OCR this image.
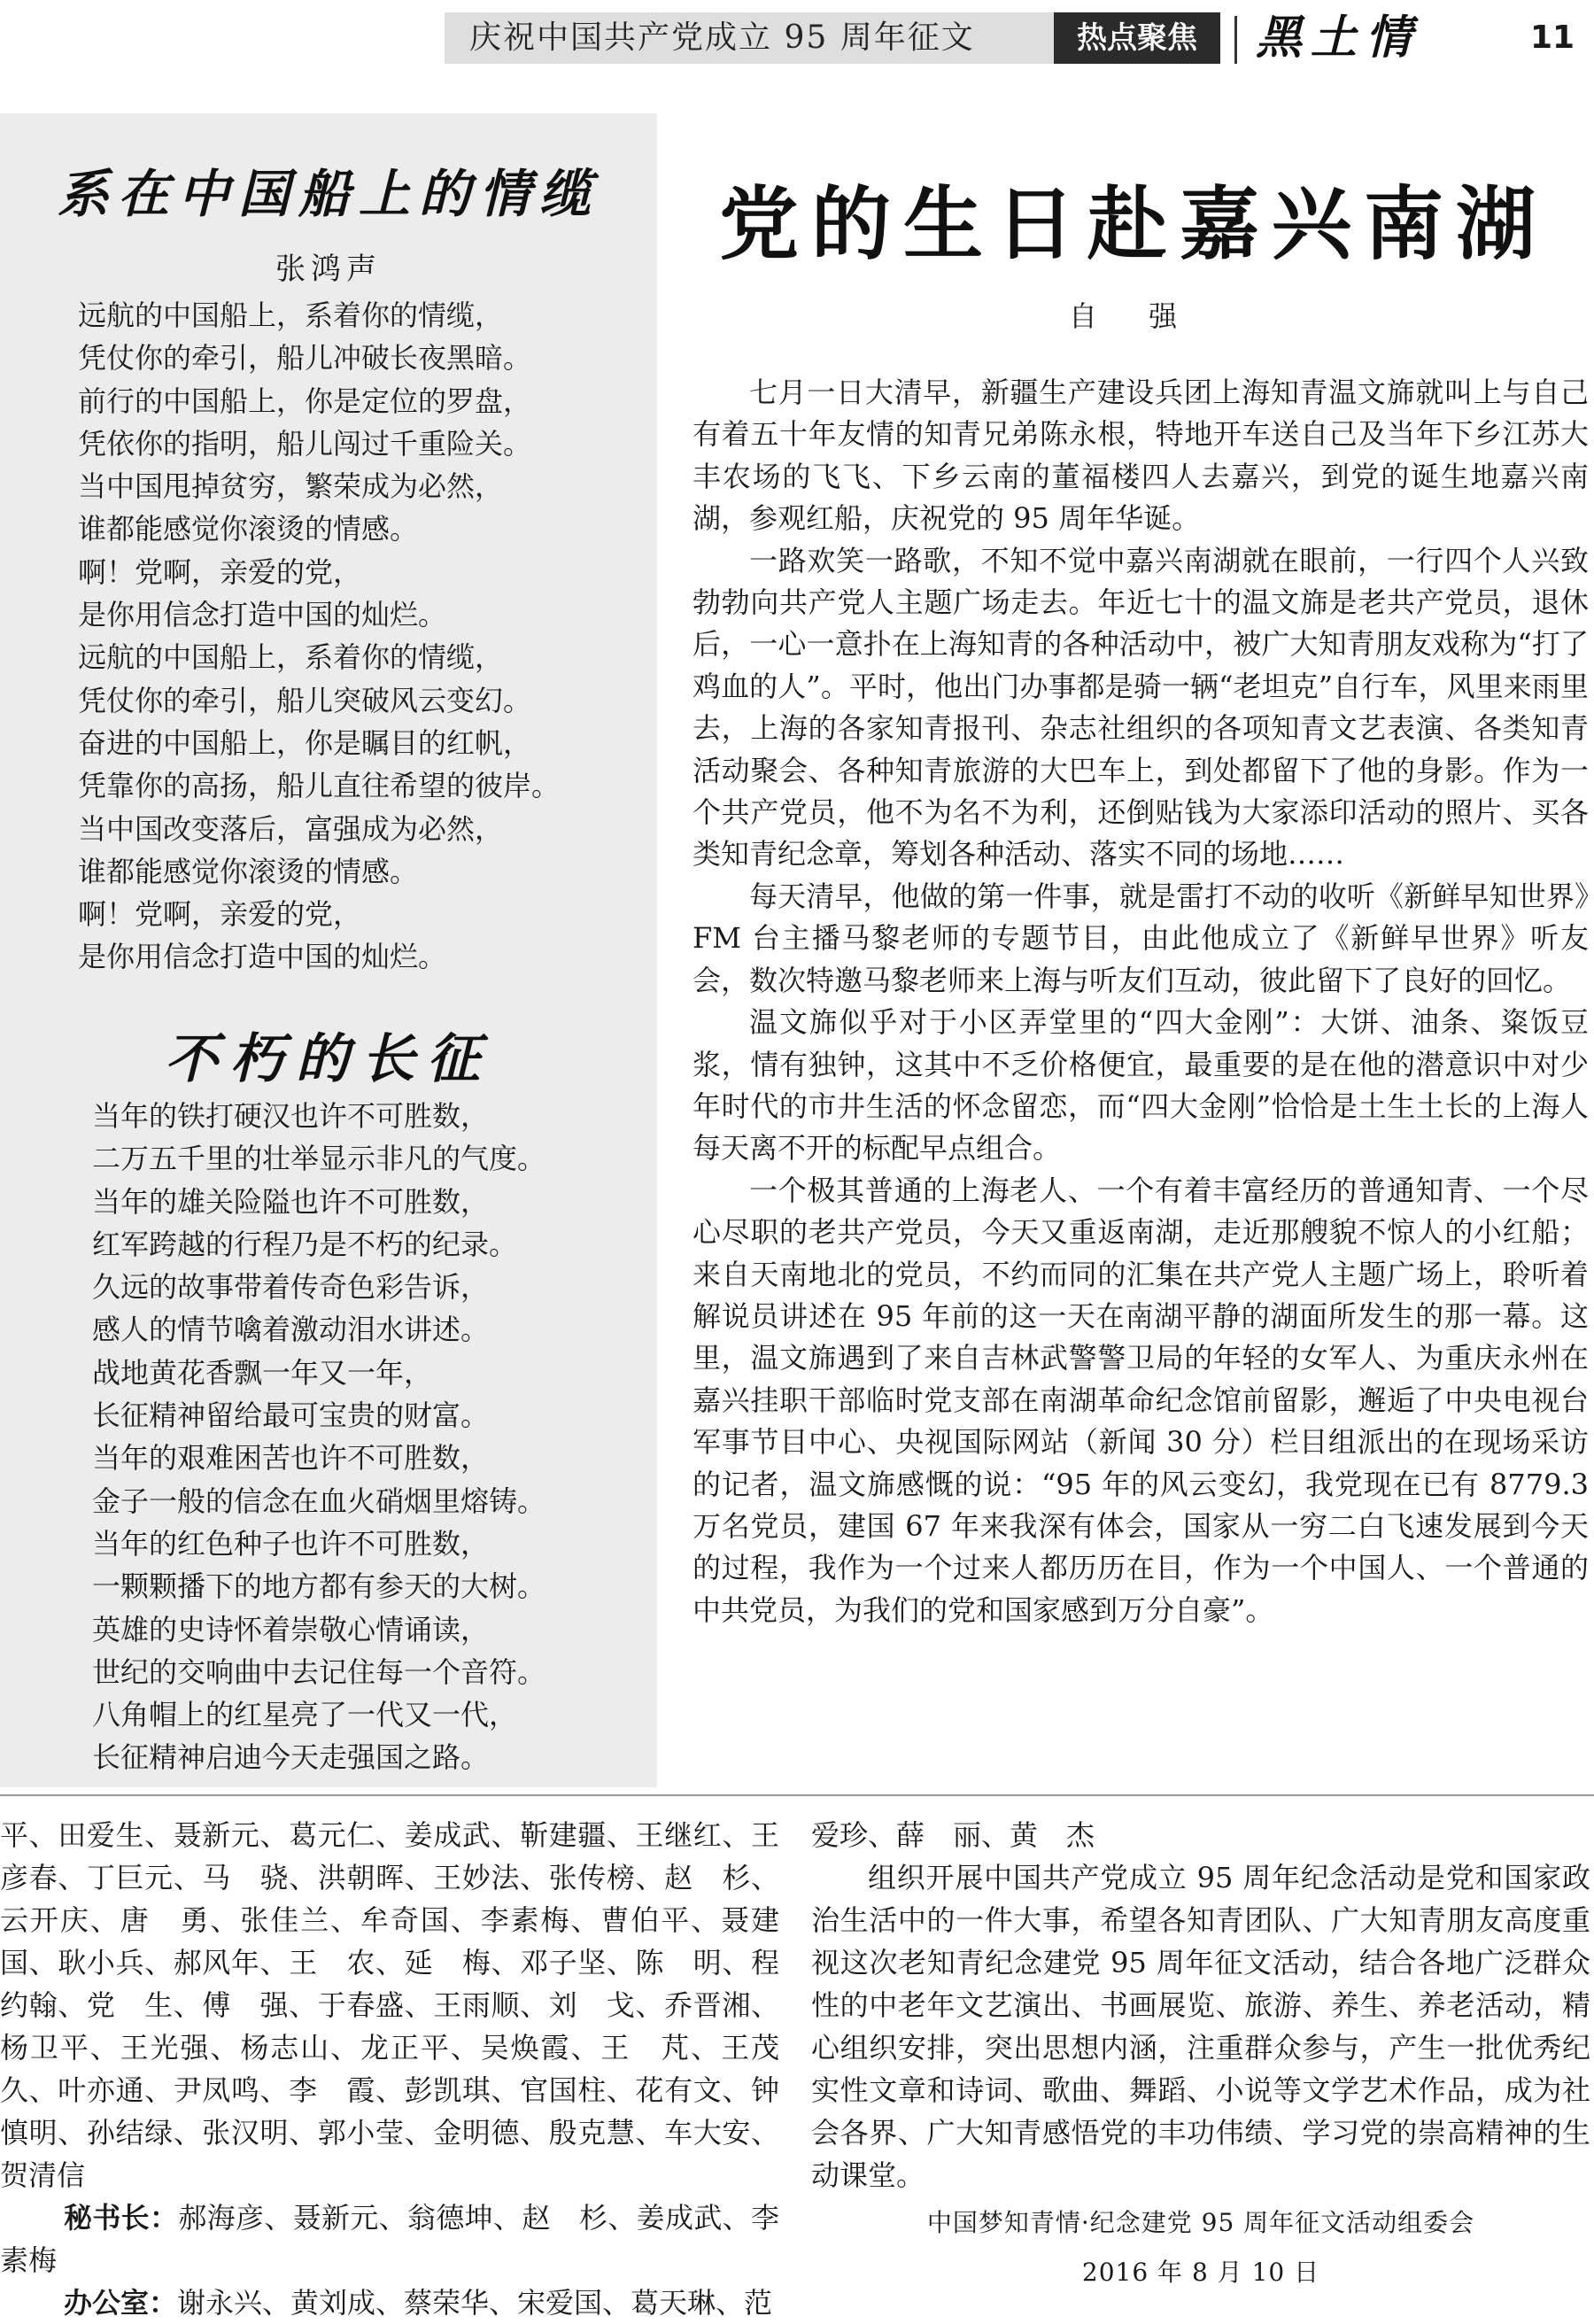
庆祝中国共产党成立 95 周年征文	热点聚焦	黑土情	11
系在中国船上的情缆
张鸿声
远航的中国船上，系着你的情缆，
凭仗你的牵引，船儿冲破长夜黑暗。
前行的中国船上，你是定位的罗盘，
凭依你的指明，船儿闯过千重险关。
当中国甩掉贫穷，繁荣成为必然，
谁都能感觉你滚烫的情感。
啊！党啊，亲爱的党，
是你用信念打造中国的灿烂。
远航的中国船上，系着你的情缆，
凭仗你的牵引，船儿突破风云变幻。
奋进的中国船上，你是瞩目的红帆，
凭靠你的高扬，船儿直往希望的彼岸。
当中国改变落后，富强成为必然，
谁都能感觉你滚烫的情感。
啊！党啊，亲爱的党，
是你用信念打造中国的灿烂。
不朽的长征
当年的铁打硬汉也许不可胜数，
二万五千里的壮举显示非凡的气度。
当年的雄关险隘也许不可胜数，
红军跨越的行程乃是不朽的纪录。
久远的故事带着传奇色彩告诉，
感人的情节噙着激动泪水讲述。
战地黄花香飘一年又一年，
长征精神留给最可宝贵的财富。
当年的艰难困苦也许不可胜数，
金子一般的信念在血火硝烟里熔铸。
当年的红色种子也许不可胜数，
一颗颗播下的地方都有参天的大树。
英雄的史诗怀着崇敬心情诵读，
世纪的交响曲中去记住每一个音符。
八角帽上的红星亮了一代又一代，
长征精神启迪今天走强国之路。
党的生日赴嘉兴南湖
自 强

七月一日大清早，新疆生产建设兵团上海知青温文旆就叫上与自己有着五十年友情的知青兄弟陈永根，特地开车送自己及当年下乡江苏大丰农场的飞飞、下乡云南的董福楼四人去嘉兴，到党的诞生地嘉兴南湖，参观红船，庆祝党的 95 周年华诞。

一路欢笑一路歌，不知不觉中嘉兴南湖就在眼前，一行四个人兴致勃勃向共产党人主题广场走去。年近七十的温文旆是老共产党员，退休后，一心一意扑在上海知青的各种活动中，被广大知青朋友戏称为“打了鸡血的人”。平时，他出门办事都是骑一辆“老坦克”自行车，风里来雨里去，上海的各家知青报刊、杂志社组织的各项知青文艺表演、各类知青活动聚会、各种知青旅游的大巴车上，到处都留下了他的身影。作为一个共产党员，他不为名不为利，还倒贴钱为大家添印活动的照片、买各类知青纪念章，筹划各种活动、落实不同的场地……

每天清早，他做的第一件事，就是雷打不动的收听《新鲜早知世界》FM 台主播马黎老师的专题节目，由此他成立了《新鲜早世界》听友会，数次特邀马黎老师来上海与听友们互动，彼此留下了良好的回忆。

温文旆似乎对于小区弄堂里的“四大金刚”：大饼、油条、粢饭豆浆，情有独钟，这其中不乏价格便宜，最重要的是在他的潜意识中对少年时代的市井生活的怀念留恋，而“四大金刚”恰恰是土生土长的上海人每天离不开的标配早点组合。

一个极其普通的上海老人、一个有着丰富经历的普通知青、一个尽心尽职的老共产党员，今天又重返南湖，走近那艘貌不惊人的小红船；来自天南地北的党员，不约而同的汇集在共产党人主题广场上，聆听着解说员讲述在 95 年前的这一天在南湖平静的湖面所发生的那一幕。这里，温文旆遇到了来自吉林武警警卫局的年轻的女军人、为重庆永州在嘉兴挂职干部临时党支部在南湖革命纪念馆前留影，邂逅了中央电视台军事节目中心、央视国际网站（新闻 30 分）栏目组派出的在现场采访的记者，温文旆感慨的说：“95 年的风云变幻，我党现在已有 8779.3 万名党员，建国 67 年来我深有体会，国家从一穷二白飞速发展到今天的过程，我作为一个过来人都历历在目，作为一个中国人、一个普通的中共党员，为我们的党和国家感到万分自豪”。

平、田爱生、聂新元、葛元仁、姜成武、靳建疆、王继红、王彦春、丁巨元、马　骁、洪朝晖、王妙法、张传榜、赵　杉、云开庆、唐　勇、张佳兰、牟奇国、李素梅、曹伯平、聂建国、耿小兵、郝风年、王　农、延　梅、邓子坚、陈　明、程约翰、党　生、傅　强、于春盛、王雨顺、刘　戈、乔晋湘、杨卫平、王光强、杨志山、龙正平、吴焕霞、王　芃、王茂久、叶亦通、尹凤鸣、李　霞、彭凯琪、官国柱、花有文、钟慎明、孙结绿、张汉明、郭小莹、金明德、殷克慧、车大安、贺清信

秘书长：郝海彦、聂新元、翁德坤、赵　杉、姜成武、李素梅

办公室：谢永兴、黄刘成、蔡荣华、宋爱国、葛天琳、范

爱珍、薛　丽、黄　杰

组织开展中国共产党成立 95 周年纪念活动是党和国家政治生活中的一件大事，希望各知青团队、广大知青朋友高度重视这次老知青纪念建党 95 周年征文活动，结合各地广泛群众性的中老年文艺演出、书画展览、旅游、养生、养老活动，精心组织安排，突出思想内涵，注重群众参与，产生一批优秀纪实性文章和诗词、歌曲、舞蹈、小说等文学艺术作品，成为社会各界、广大知青感悟党的丰功伟绩、学习党的崇高精神的生动课堂。

中国梦知青情·纪念建党 95 周年征文活动组委会
2016 年 8 月 10 日
